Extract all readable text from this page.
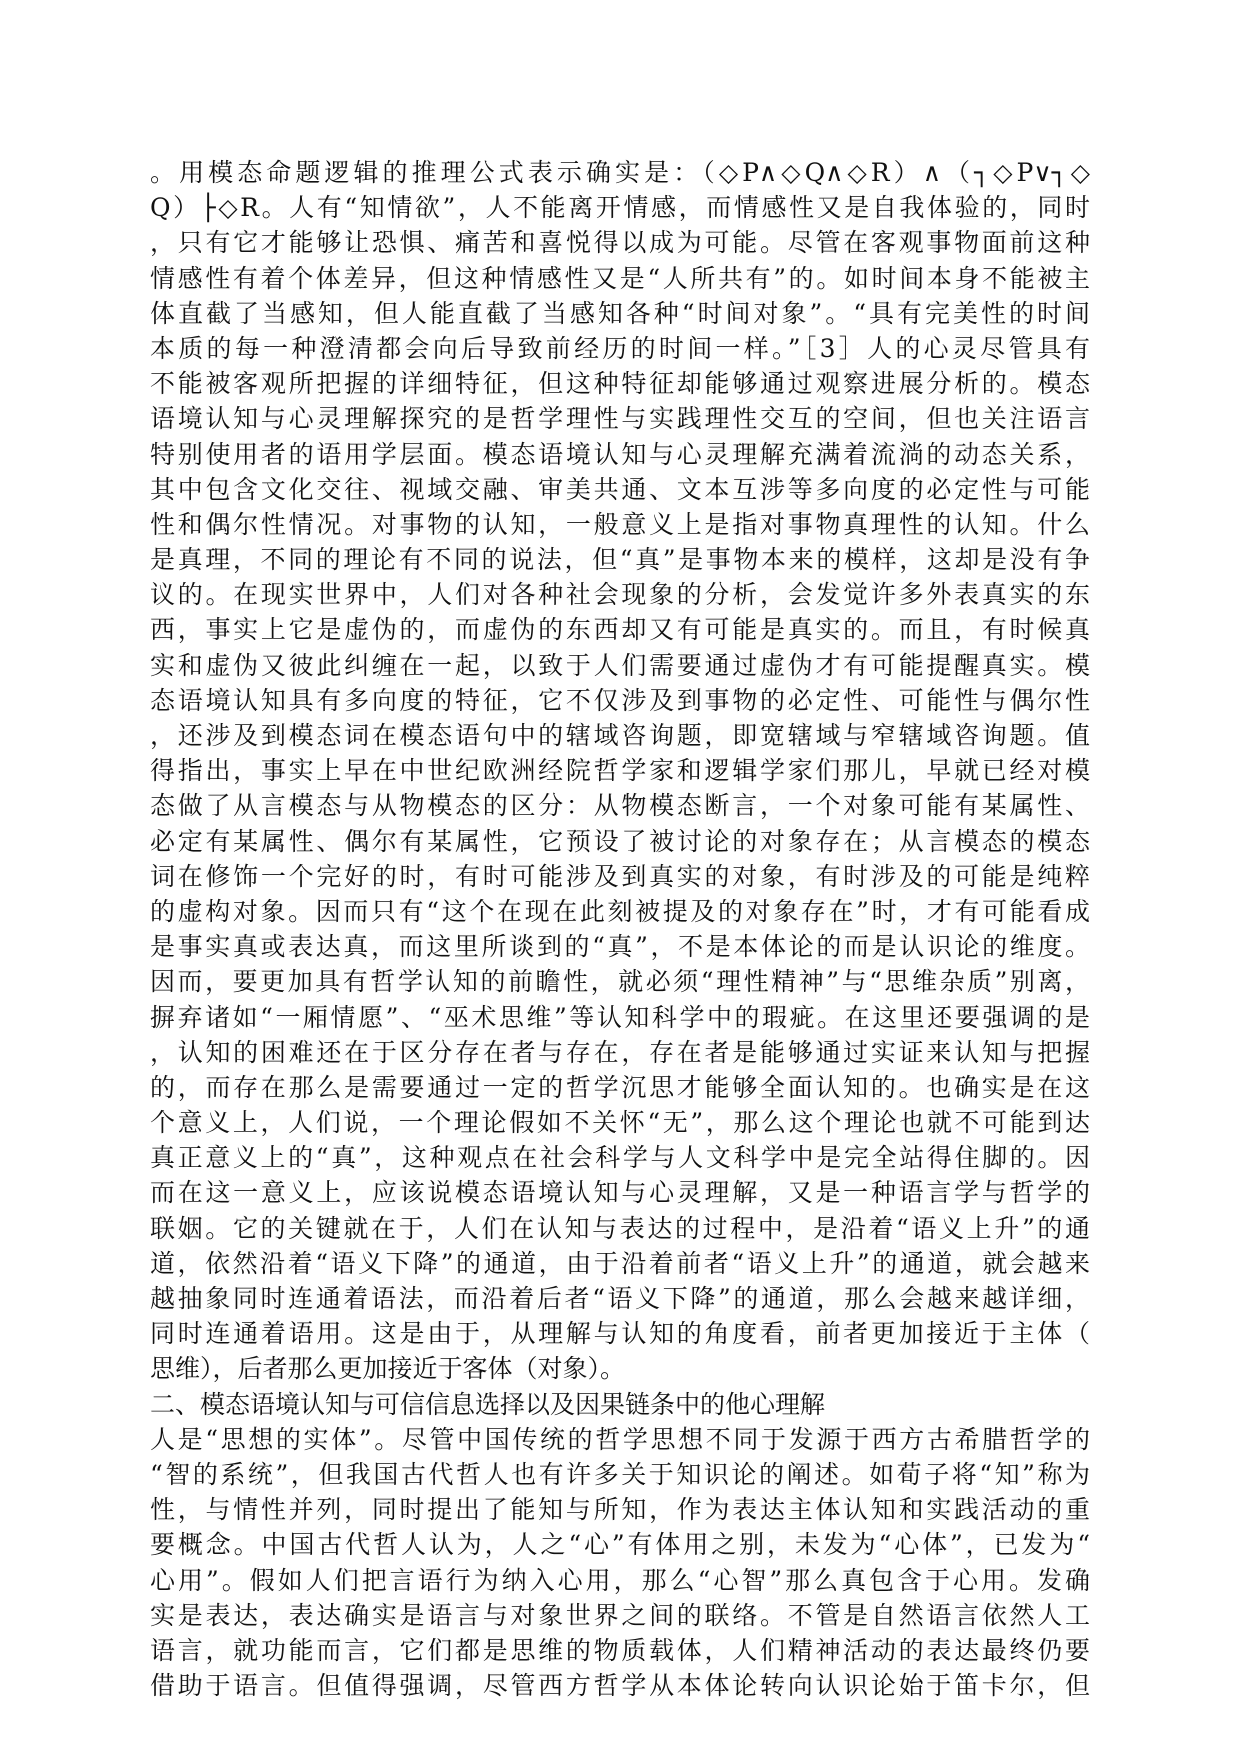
。用模态命题逻辑的推理公式表示确实是：（◇P∧◇Q∧◇R）∧（┐◇P∨┐◇
Q）├◇R。人有“知情欲”，人不能离开情感，而情感性又是自我体验的，同时
，只有它才能够让恐惧、痛苦和喜悦得以成为可能。尽管在客观事物面前这种
情感性有着个体差异，但这种情感性又是“人所共有”的。如时间本身不能被主
体直截了当感知，但人能直截了当感知各种“时间对象”。“具有完美性的时间
本质的每一种澄清都会向后导致前经历的时间一样。”［3］人的心灵尽管具有
不能被客观所把握的详细特征，但这种特征却能够通过观察进展分析的。模态
语境认知与心灵理解探究的是哲学理性与实践理性交互的空间，但也关注语言
特别使用者的语用学层面。模态语境认知与心灵理解充满着流淌的动态关系，
其中包含文化交往、视域交融、审美共通、文本互涉等多向度的必定性与可能
性和偶尔性情况。对事物的认知，一般意义上是指对事物真理性的认知。什么
是真理，不同的理论有不同的说法，但“真”是事物本来的模样，这却是没有争
议的。在现实世界中，人们对各种社会现象的分析，会发觉许多外表真实的东
西，事实上它是虚伪的，而虚伪的东西却又有可能是真实的。而且，有时候真
实和虚伪又彼此纠缠在一起，以致于人们需要通过虚伪才有可能提醒真实。模
态语境认知具有多向度的特征，它不仅涉及到事物的必定性、可能性与偶尔性
，还涉及到模态词在模态语句中的辖域咨询题，即宽辖域与窄辖域咨询题。值
得指出，事实上早在中世纪欧洲经院哲学家和逻辑学家们那儿，早就已经对模
态做了从言模态与从物模态的区分：从物模态断言，一个对象可能有某属性、
必定有某属性、偶尔有某属性，它预设了被讨论的对象存在；从言模态的模态
词在修饰一个完好的时，有时可能涉及到真实的对象，有时涉及的可能是纯粹
的虚构对象。因而只有“这个在现在此刻被提及的对象存在”时，才有可能看成
是事实真或表达真，而这里所谈到的“真”，不是本体论的而是认识论的维度。
因而，要更加具有哲学认知的前瞻性，就必须“理性精神”与“思维杂质”别离，
摒弃诸如“一厢情愿”、“巫术思维”等认知科学中的瑕疵。在这里还要强调的是
，认知的困难还在于区分存在者与存在，存在者是能够通过实证来认知与把握
的，而存在那么是需要通过一定的哲学沉思才能够全面认知的。也确实是在这
个意义上，人们说，一个理论假如不关怀“无”，那么这个理论也就不可能到达
真正意义上的“真”，这种观点在社会科学与人文科学中是完全站得住脚的。因
而在这一意义上，应该说模态语境认知与心灵理解，又是一种语言学与哲学的
联姻。它的关键就在于，人们在认知与表达的过程中，是沿着“语义上升”的通
道，依然沿着“语义下降”的通道，由于沿着前者“语义上升”的通道，就会越来
越抽象同时连通着语法，而沿着后者“语义下降”的通道，那么会越来越详细，
同时连通着语用。这是由于，从理解与认知的角度看，前者更加接近于主体（
思维），后者那么更加接近于客体（对象）。
二、模态语境认知与可信信息选择以及因果链条中的他心理解
人是“思想的实体”。尽管中国传统的哲学思想不同于发源于西方古希腊哲学的
“智的系统”，但我国古代哲人也有许多关于知识论的阐述。如荀子将“知”称为
性，与情性并列，同时提出了能知与所知，作为表达主体认知和实践活动的重
要概念。中国古代哲人认为，人之“心”有体用之别，未发为“心体”，已发为“
心用”。假如人们把言语行为纳入心用，那么“心智”那么真包含于心用。发确
实是表达，表达确实是语言与对象世界之间的联络。不管是自然语言依然人工
语言，就功能而言，它们都是思维的物质载体，人们精神活动的表达最终仍要
借助于语言。但值得强调，尽管西方哲学从本体论转向认识论始于笛卡尔，但
